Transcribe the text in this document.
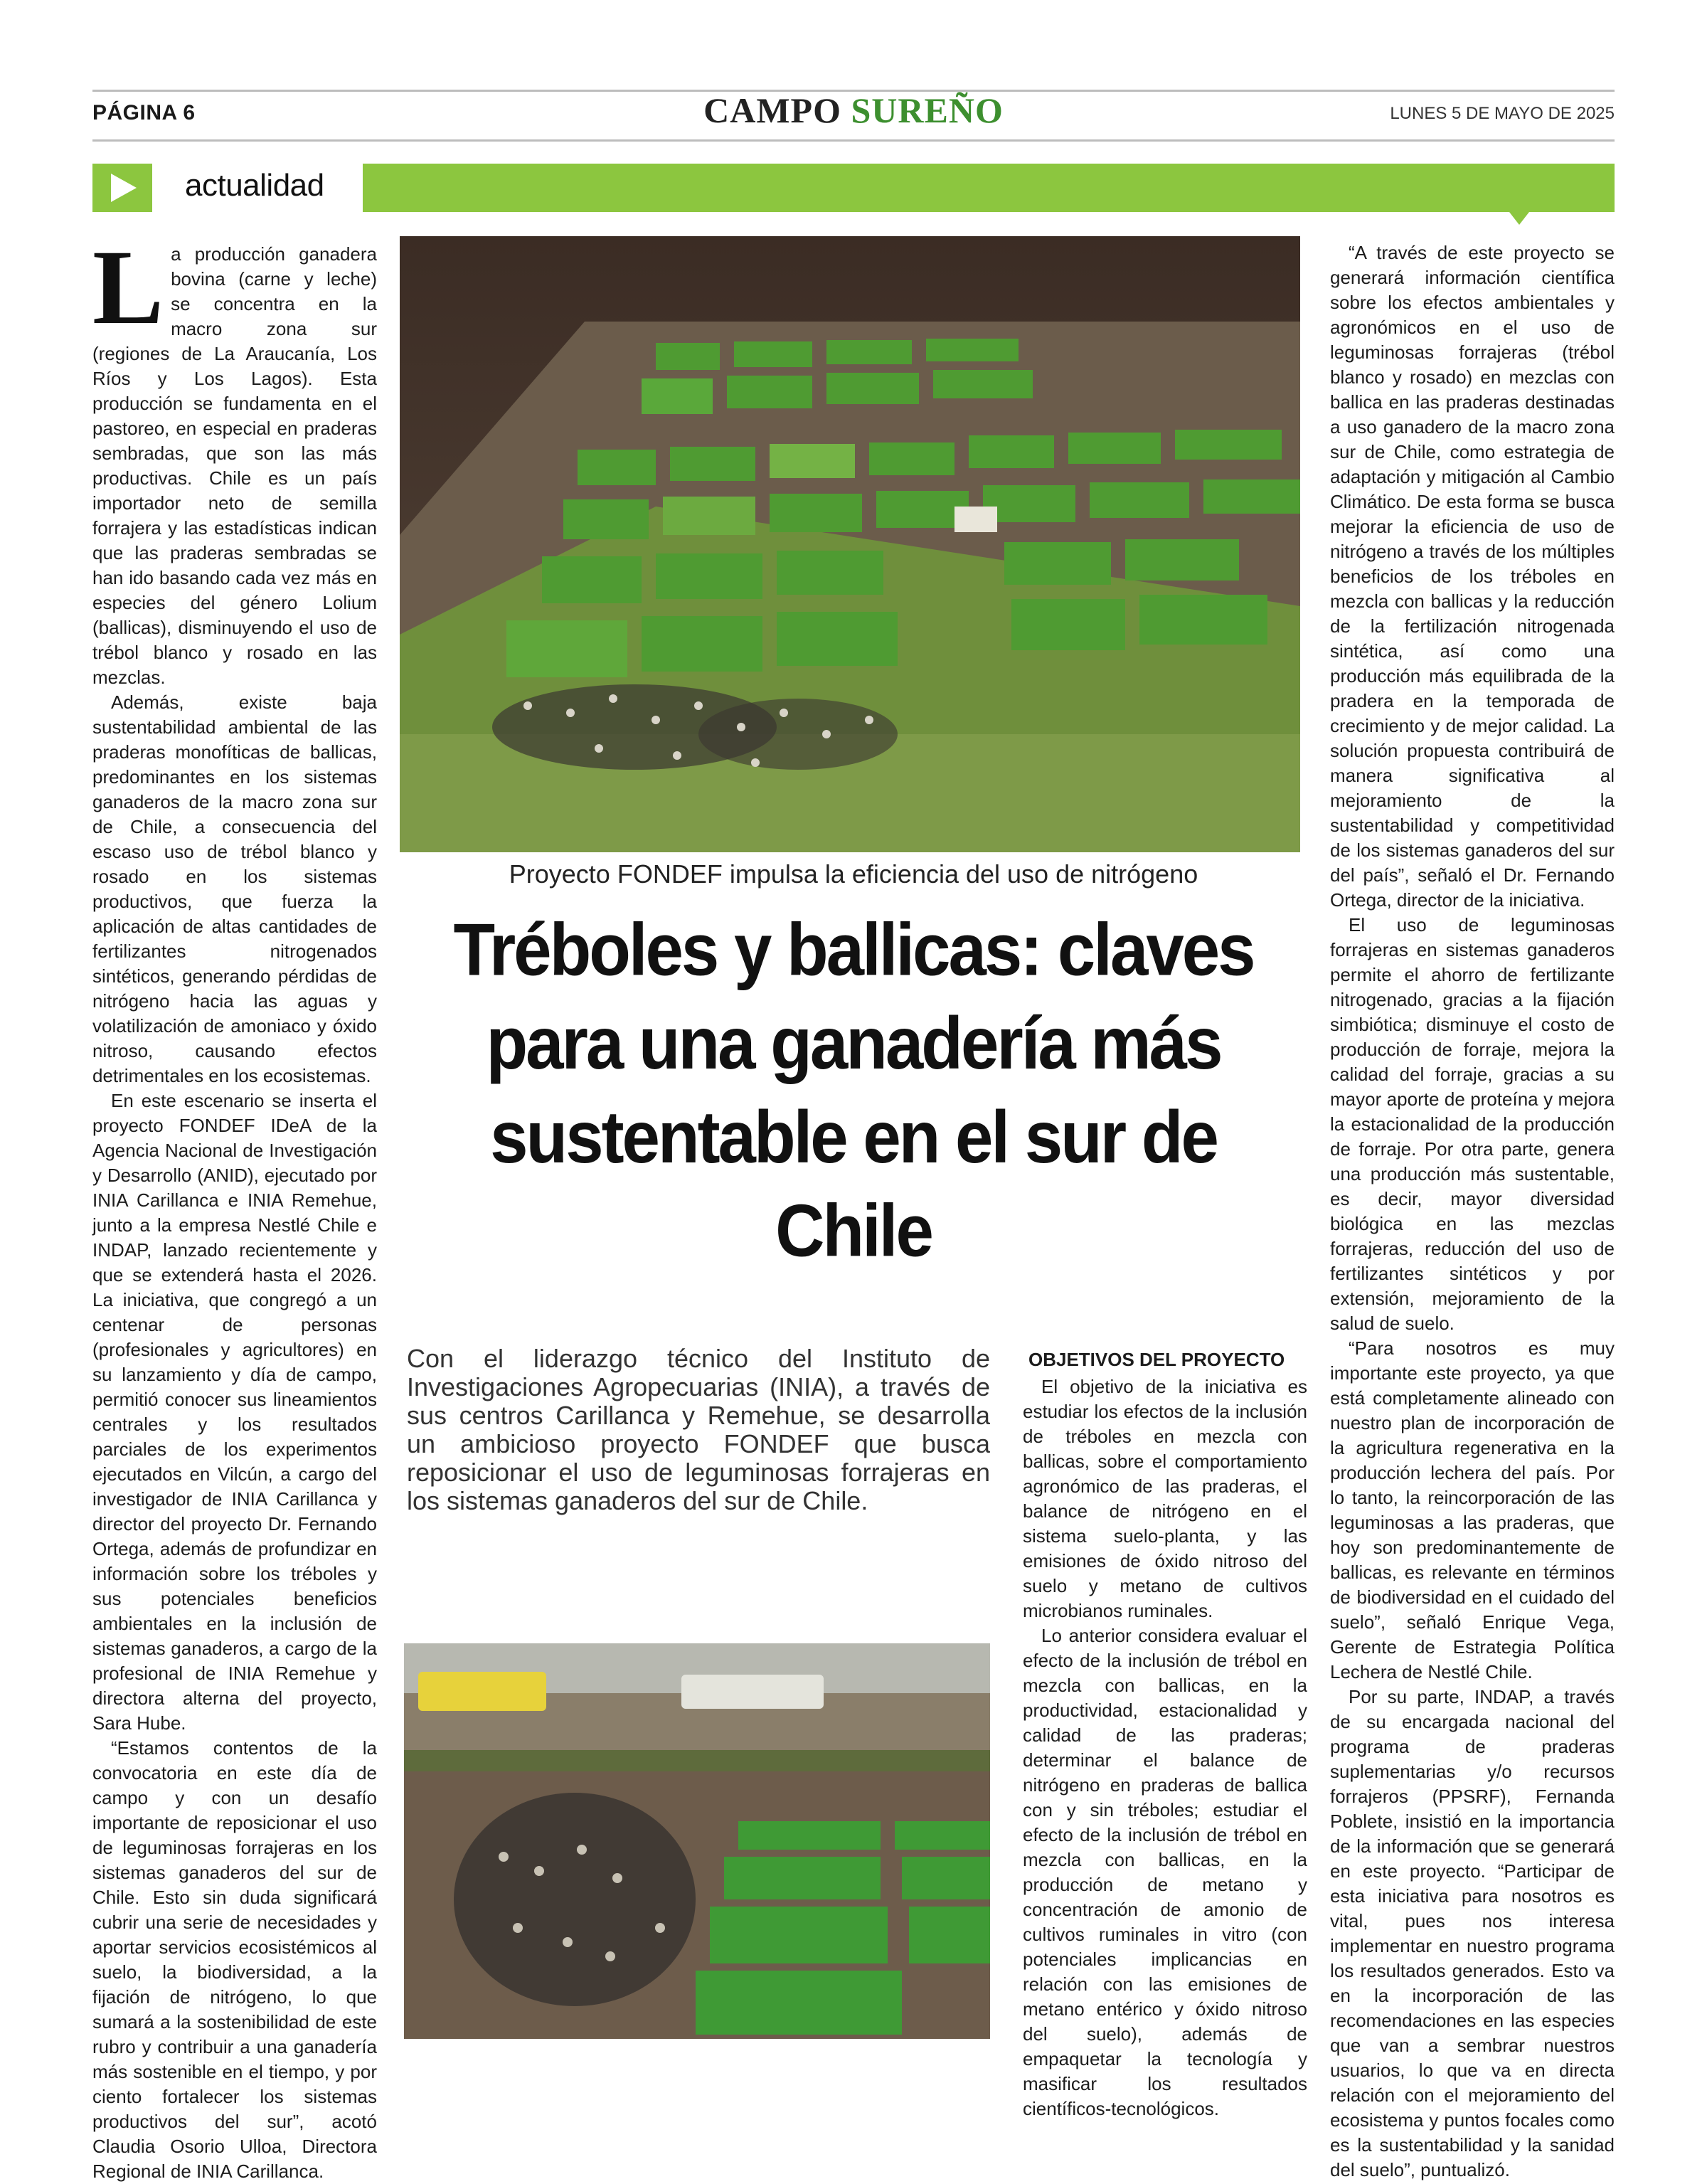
PÁGINA 6	CAMPO SUREÑO	LUNES 5 DE MAYO DE 2025
actualidad

La producción ganadera bovina (carne y leche) se concentra en la macro zona sur (regiones de La Araucanía, Los Ríos y Los Lagos). Esta producción se fundamenta en el pastoreo, en especial en praderas sembradas, que son las más productivas. Chile es un país importador neto de semilla forrajera y las estadísticas indican que las praderas sembradas se han ido basando cada vez más en especies del género Lolium (ballicas), disminuyendo el uso de trébol blanco y rosado en las mezclas.

Además, existe baja sustentabilidad ambiental de las praderas monofíticas de ballicas, predominantes en los sistemas ganaderos de la macro zona sur de Chile, a consecuencia del escaso uso de trébol blanco y rosado en los sistemas productivos, que fuerza la aplicación de altas cantidades de fertilizantes nitrogenados sintéticos, generando pérdidas de nitrógeno hacia las aguas y volatilización de amoniaco y óxido nitroso, causando efectos detrimentales en los ecosistemas.

En este escenario se inserta el proyecto FONDEF IDeA de la Agencia Nacional de Investigación y Desarrollo (ANID), ejecutado por INIA Carillanca e INIA Remehue, junto a la empresa Nestlé Chile e INDAP, lanzado recientemente y que se extenderá hasta el 2026. La iniciativa, que congregó a un centenar de personas (profesionales y agricultores) en su lanzamiento y día de campo, permitió conocer sus lineamientos centrales y los resultados parciales de los experimentos ejecutados en Vilcún, a cargo del investigador de INIA Carillanca y director del proyecto Dr. Fernando Ortega, además de profundizar en información sobre los tréboles y sus potenciales beneficios ambientales en la inclusión de sistemas ganaderos, a cargo de la profesional de INIA Remehue y directora alterna del proyecto, Sara Hube.

“Estamos contentos de la convocatoria en este día de campo y con un desafío importante de reposicionar el uso de leguminosas forrajeras en los sistemas ganaderos del sur de Chile. Esto sin duda significará cubrir una serie de necesidades y aportar servicios ecosistémicos al suelo, la biodiversidad, a la fijación de nitrógeno, lo que sumará a la sostenibilidad de este rubro y contribuir a una ganadería más sostenible en el tiempo, y por ciento fortalecer los sistemas productivos del sur”, acotó Claudia Osorio Ulloa, Directora Regional de INIA Carillanca.

Proyecto FONDEF impulsa la eficiencia del uso de nitrógeno
Tréboles y ballicas: claves para una ganadería más sustentable en el sur de Chile
Con el liderazgo técnico del Instituto de Investigaciones Agropecuarias (INIA), a través de sus centros Carillanca y Remehue, se desarrolla un ambicioso proyecto FONDEF que busca reposicionar el uso de leguminosas forrajeras en los sistemas ganaderos del sur de Chile.
OBJETIVOS DEL PROYECTO

El objetivo de la iniciativa es estudiar los efectos de la inclusión de tréboles en mezcla con ballicas, sobre el comportamiento agronómico de las praderas, el balance de nitrógeno en el sistema suelo-planta, y las emisiones de óxido nitroso del suelo y metano de cultivos microbianos ruminales.

Lo anterior considera evaluar el efecto de la inclusión de trébol en mezcla con ballicas, en la productividad, estacionalidad y calidad de las praderas; determinar el balance de nitrógeno en praderas de ballica con y sin tréboles; estudiar el efecto de la inclusión de trébol en mezcla con ballicas, en la producción de metano y concentración de amonio de cultivos ruminales in vitro (con potenciales implicancias en relación con las emisiones de metano entérico y óxido nitroso del suelo), además de empaquetar la tecnología y masificar los resultados científicos-tecnológicos.

“A través de este proyecto se generará información científica sobre los efectos ambientales y agronómicos en el uso de leguminosas forrajeras (trébol blanco y rosado) en mezclas con ballica en las praderas destinadas a uso ganadero de la macro zona sur de Chile, como estrategia de adaptación y mitigación al Cambio Climático. De esta forma se busca mejorar la eficiencia de uso de nitrógeno a través de los múltiples beneficios de los tréboles en mezcla con ballicas y la reducción de la fertilización nitrogenada sintética, así como una producción más equilibrada de la pradera en la temporada de crecimiento y de mejor calidad. La solución propuesta contribuirá de manera significativa al mejoramiento de la sustentabilidad y competitividad de los sistemas ganaderos del sur del país”, señaló el Dr. Fernando Ortega, director de la iniciativa.

El uso de leguminosas forrajeras en sistemas ganaderos permite el ahorro de fertilizante nitrogenado, gracias a la fijación simbiótica; disminuye el costo de producción de forraje, mejora la calidad del forraje, gracias a su mayor aporte de proteína y mejora la estacionalidad de la producción de forraje. Por otra parte, genera una producción más sustentable, es decir, mayor diversidad biológica en las mezclas forrajeras, reducción del uso de fertilizantes sintéticos y por extensión, mejoramiento de la salud de suelo.

“Para nosotros es muy importante este proyecto, ya que está completamente alineado con nuestro plan de incorporación de la agricultura regenerativa en la producción lechera del país. Por lo tanto, la reincorporación de las leguminosas a las praderas, que hoy son predominantemente de ballicas, es relevante en términos de biodiversidad en el cuidado del suelo”, señaló Enrique Vega, Gerente de Estrategia Política Lechera de Nestlé Chile.

Por su parte, INDAP, a través de su encargada nacional del programa de praderas suplementarias y/o recursos forrajeros (PPSRF), Fernanda Poblete, insistió en la importancia de la información que se generará en este proyecto. “Participar de esta iniciativa para nosotros es vital, pues nos interesa implementar en nuestro programa los resultados generados. Esto va en la incorporación de las recomendaciones en las especies que van a sembrar nuestros usuarios, lo que va en directa relación con el mejoramiento del ecosistema y puntos focales como es la sustentabilidad y la sanidad del suelo”, puntualizó.
